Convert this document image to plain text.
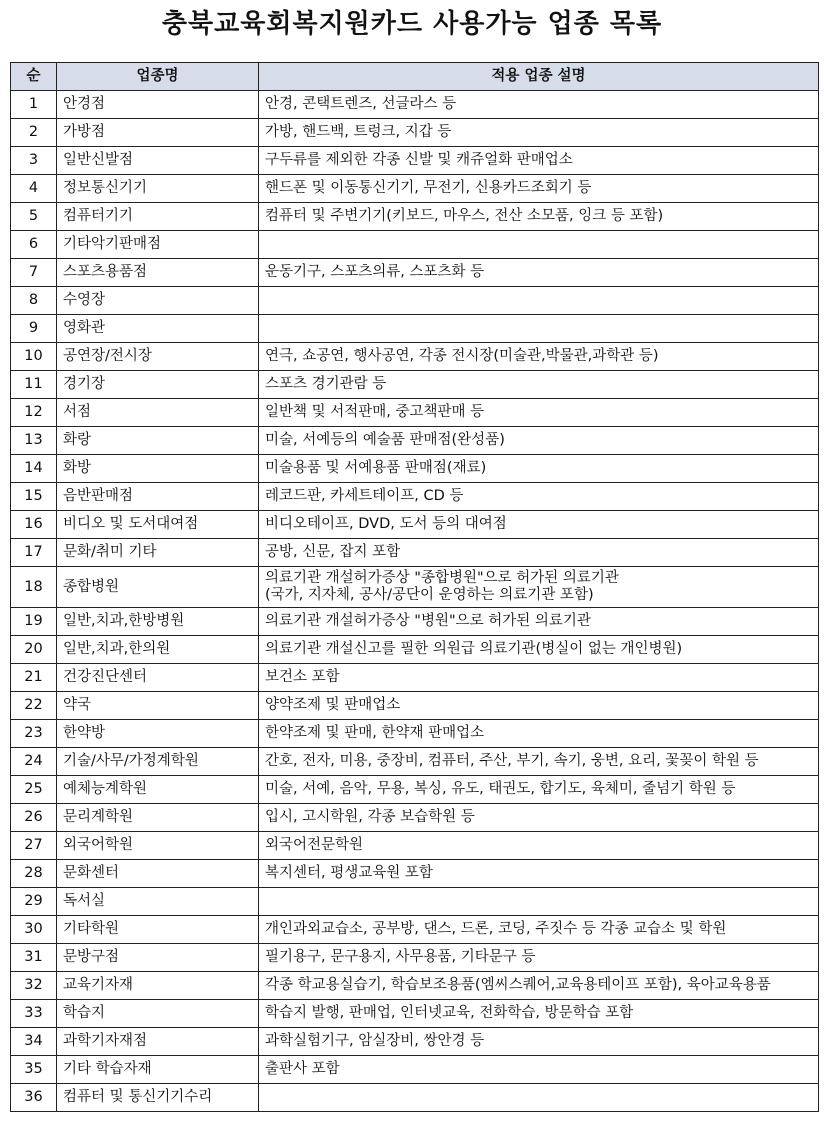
충북교육회복지원카드 사용가능 업종 목록
순	업종명	적용 업종 설명
1	안경점	안경, 콘택트렌즈, 선글라스 등
2	가방점	가방, 핸드백, 트렁크, 지갑 등
3	일반신발점	구두류를 제외한 각종 신발 및 캐쥬얼화 판매업소
4	정보통신기기	핸드폰 및 이동통신기기, 무전기, 신용카드조회기 등
5	컴퓨터기기	컴퓨터 및 주변기기(키보드, 마우스, 전산 소모품, 잉크 등 포함)
6	기타악기판매점	
7	스포츠용품점	운동기구, 스포츠의류, 스포츠화 등
8	수영장	
9	영화관	
10	공연장/전시장	연극, 쇼공연, 행사공연, 각종 전시장(미술관,박물관,과학관 등)
11	경기장	스포츠 경기관람 등
12	서점	일반책 및 서적판매, 중고책판매 등
13	화랑	미술, 서예등의 예술품 판매점(완성품)
14	화방	미술용품 및 서예용품 판매점(재료)
15	음반판매점	레코드판, 카세트테이프, CD 등
16	비디오 및 도서대여점	비디오테이프, DVD, 도서 등의 대여점
17	문화/취미 기타	공방, 신문, 잡지 포함
18	종합병원	의료기관 개설허가증상 "종합병원"으로 허가된 의료기관
(국가, 지자체, 공사/공단이 운영하는 의료기관 포함)

19	일반,치과,한방병원	의료기관 개설허가증상 "병원"으로 허가된 의료기관
20	일반,치과,한의원	의료기관 개설신고를 필한 의원급 의료기관(병실이 없는 개인병원)
21	건강진단센터	보건소 포함
22	약국	양약조제 및 판매업소
23	한약방	한약조제 및 판매, 한약재 판매업소
24	기술/사무/가정계학원	간호, 전자, 미용, 중장비, 컴퓨터, 주산, 부기, 속기, 웅변, 요리, 꽃꽂이 학원 등
25	예체능계학원	미술, 서예, 음악, 무용, 복싱, 유도, 태권도, 합기도, 육체미, 줄넘기 학원 등
26	문리계학원	입시, 고시학원, 각종 보습학원 등
27	외국어학원	외국어전문학원
28	문화센터	복지센터, 평생교육원 포함
29	독서실	
30	기타학원	개인과외교습소, 공부방, 댄스, 드론, 코딩, 주짓수 등 각종 교습소 및 학원
31	문방구점	필기용구, 문구용지, 사무용품, 기타문구 등
32	교육기자재	각종 학교용실습기, 학습보조용품(엠씨스퀘어,교육용테이프 포함), 육아교육용품
33	학습지	학습지 발행, 판매업, 인터넷교육, 전화학습, 방문학습 포함
34	과학기자재점	과학실험기구, 암실장비, 쌍안경 등
35	기타 학습자재	출판사 포함
36	컴퓨터 및 통신기기수리	
